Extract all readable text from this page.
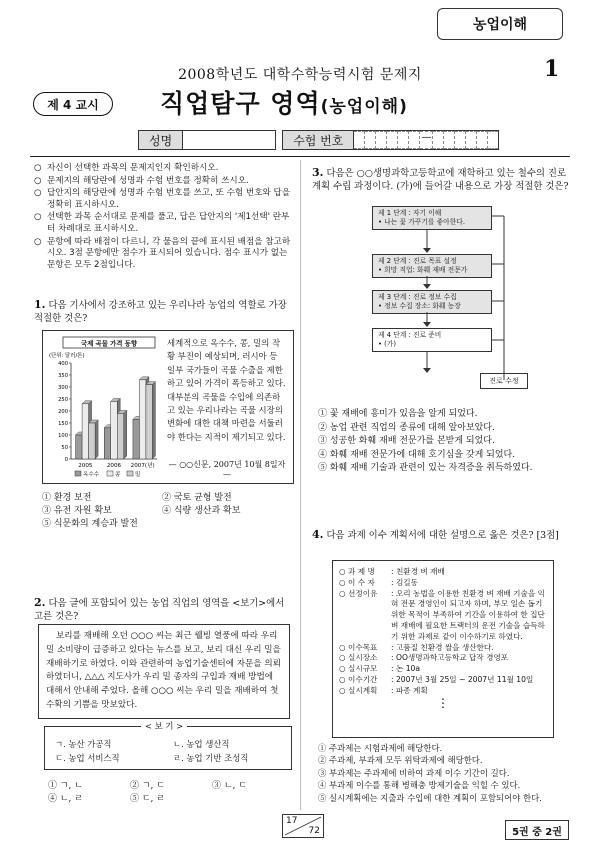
농업이해
2008학년도 대학수학능력시험 문제지	1
제 4 교시	직업탐구 영역(농업이해)
성명	수험 번호	—
○ 자신이 선택한 과목의 문제지인지 확인하시오.
○ 문제지의 해당란에 성명과 수험 번호를 정확히 쓰시오.
○ 답안지의 해당란에 성명과 수험 번호를 쓰고, 또 수험 번호와 답을 정확히 표시하시오.
○ 선택한 과목 순서대로 문제를 풀고, 답은 답안지의 '제1선택' 란부터 차례대로 표시하시오.
○ 문항에 따라 배점이 다르니, 각 물음의 끝에 표시된 배점을 참고하시오. 3점 문항에만 점수가 표시되어 있습니다. 점수 표시가 없는 문항은 모두 2점입니다.
1. 다음 기사에서 강조하고 있는 우리나라 농업의 역할로 가장 적절한 것은?
국제 곡물 가격 동향
(단위: 달러/톤)
0
50
100
150
200
250
300
350
400
2005	2006 2007(년)
옥수수	콩	밀
세계적으로 옥수수, 콩, 밀의 작황 부진이 예상되며, 러시아 등 일부 국가들이 곡물 수출을 제한하고 있어 가격이 폭등하고 있다. 대부분의 곡물을 수입에 의존하고 있는 우리나라는 곡물 시장의 변화에 대한 대책 마련을 서둘러야 한다는 지적이 제기되고 있다.
— ○○신문, 2007년 10월 8일자 —
① 환경 보전	② 국토 균형 발전
③ 유전 자원 확보	④ 식량 생산과 확보
⑤ 식문화의 계승과 발전
2. 다음 글에 포함되어 있는 농업 직업의 영역을 <보기>에서 고른 것은?
보리를 재배해 오던 ○○○ 씨는 최근 웰빙 열풍에 따라 우리 밀 소비량이 급증하고 있다는 뉴스를 보고, 보리 대신 우리 밀을 재배하기로 하였다. 이와 관련하여 농업기술센터에 자문을 의뢰하였더니, △△△ 지도사가 우리 밀 종자의 구입과 재배 방법에 대해서 안내해 주었다. 올해 ○○○ 씨는 우리 밀을 재배하여 첫 수확의 기쁨을 맛보았다.
< 보 기 >
ㄱ. 농산 가공직	ㄴ. 농업 생산직
ㄷ. 농업 서비스직	ㄹ. 농업 기반 조성직
① ㄱ, ㄴ	② ㄱ, ㄷ	③ ㄴ, ㄷ
④ ㄴ, ㄹ	⑤ ㄷ, ㄹ
3. 다음은 ○○생명과학고등학교에 재학하고 있는 철수의 진로 계획 수립 과정이다. (가)에 들어갈 내용으로 가장 적절한 것은?
제 1 단계 : 자기 이해
• 나는 꽃 가꾸기를 좋아한다.
제 2 단계 : 진로 목표 설정
• 희망 직업: 화훼 재배 전문가
제 3 단계 : 진로 정보 수집
• 정보 수집 장소: 화훼 농장
제 4 단계 : 진로 준비
• (가)
진로 수정
① 꽃 재배에 흥미가 있음을 알게 되었다.
② 농업 관련 직업의 종류에 대해 알아보았다.
③ 성공한 화훼 재배 전문가를 본받게 되었다.
④ 화훼 재배 전문가에 대해 호기심을 갖게 되었다.
⑤ 화훼 재배 기술과 관련이 있는 자격증을 취득하였다.
4. 다음 과제 이수 계획서에 대한 설명으로 옳은 것은? [3점]
○ 과 제 명	: 친환경 벼 재배
○ 이 수 자	: 김길동
○ 선정이유	: 오리 농법을 이용한 친환경 벼 재배 기술을 익혀 전문 경영인이 되고자 하며, 부모 일손 돕기 위한 목적이 부족하여 기간을 이용하여 한 집단 벼 재배에 필요한 트랙터의 운전 기술을 습득하기 위한 과제로 같이 이수하기로 하였다.
○ 이수목표	: 고품질 친환경 쌀을 생산한다.
○ 실시장소	: OO생명과학고등학교 답작 경영포
○ 실시규모	: 논 10a
○ 이수기간	: 2007년 3월 25일 ~ 2007년 11월 10일
○ 실시계획	: 파종 계획
⋮
17
72	5권 중 2권
① 주과제는 시험과제에 해당한다.
② 주과제, 부과제 모두 위탁과제에 해당한다.
③ 부과제는 주과제에 비하여 과제 이수 기간이 길다.
④ 부과제 이수를 통해 병해충 방제기술을 익힐 수 있다.
⑤ 실시계획에는 지출과 수입에 대한 계획이 포함되어야 한다.
